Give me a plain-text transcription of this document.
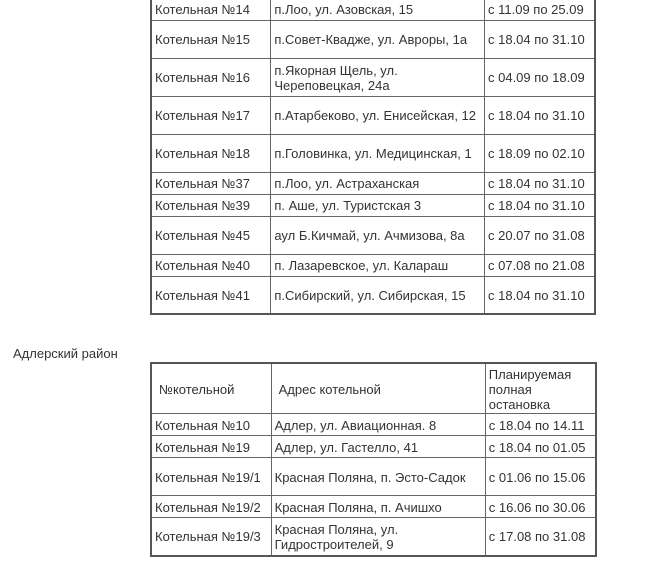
Котельная №14	п.Лоо, ул. Азовская, 15	с 11.09 по 25.09
Котельная №15	п.Совет-Квадже, ул. Авроры, 1а	с 18.04 по 31.10
Котельная №16	п.Якорная Щель, ул. Череповецкая, 24а	с 04.09 по 18.09
Котельная №17	п.Атарбеково, ул. Енисейская, 12	с 18.04 по 31.10
Котельная №18	п.Головинка, ул. Медицинская, 1	с 18.09 по 02.10
Котельная №37	п.Лоо, ул. Астраханская	с 18.04 по 31.10
Котельная №39	п. Аше, ул. Туристская 3	с 18.04 по 31.10
Котельная №45	аул Б.Кичмай, ул. Ачмизова, 8а	с 20.07 по 31.08
Котельная №40	п. Лазаревское, ул. Калараш	с 07.08 по 21.08
Котельная №41	п.Сибирский, ул. Сибирская, 15	с 18.04 по 31.10
Адлерский район
№котельной	Адрес котельной	Планируемая полная остановка
Котельная №10	Адлер, ул. Авиационная. 8	с 18.04 по 14.11
Котельная №19	Адлер, ул. Гастелло, 41	с 18.04 по 01.05
Котельная №19/1	Красная Поляна, п. Эсто-Садок	с 01.06 по 15.06
Котельная №19/2	Красная Поляна, п. Ачишхо	с 16.06 по 30.06
Котельная №19/3	Красная Поляна, ул. Гидростроителей, 9	с 17.08 по 31.08
